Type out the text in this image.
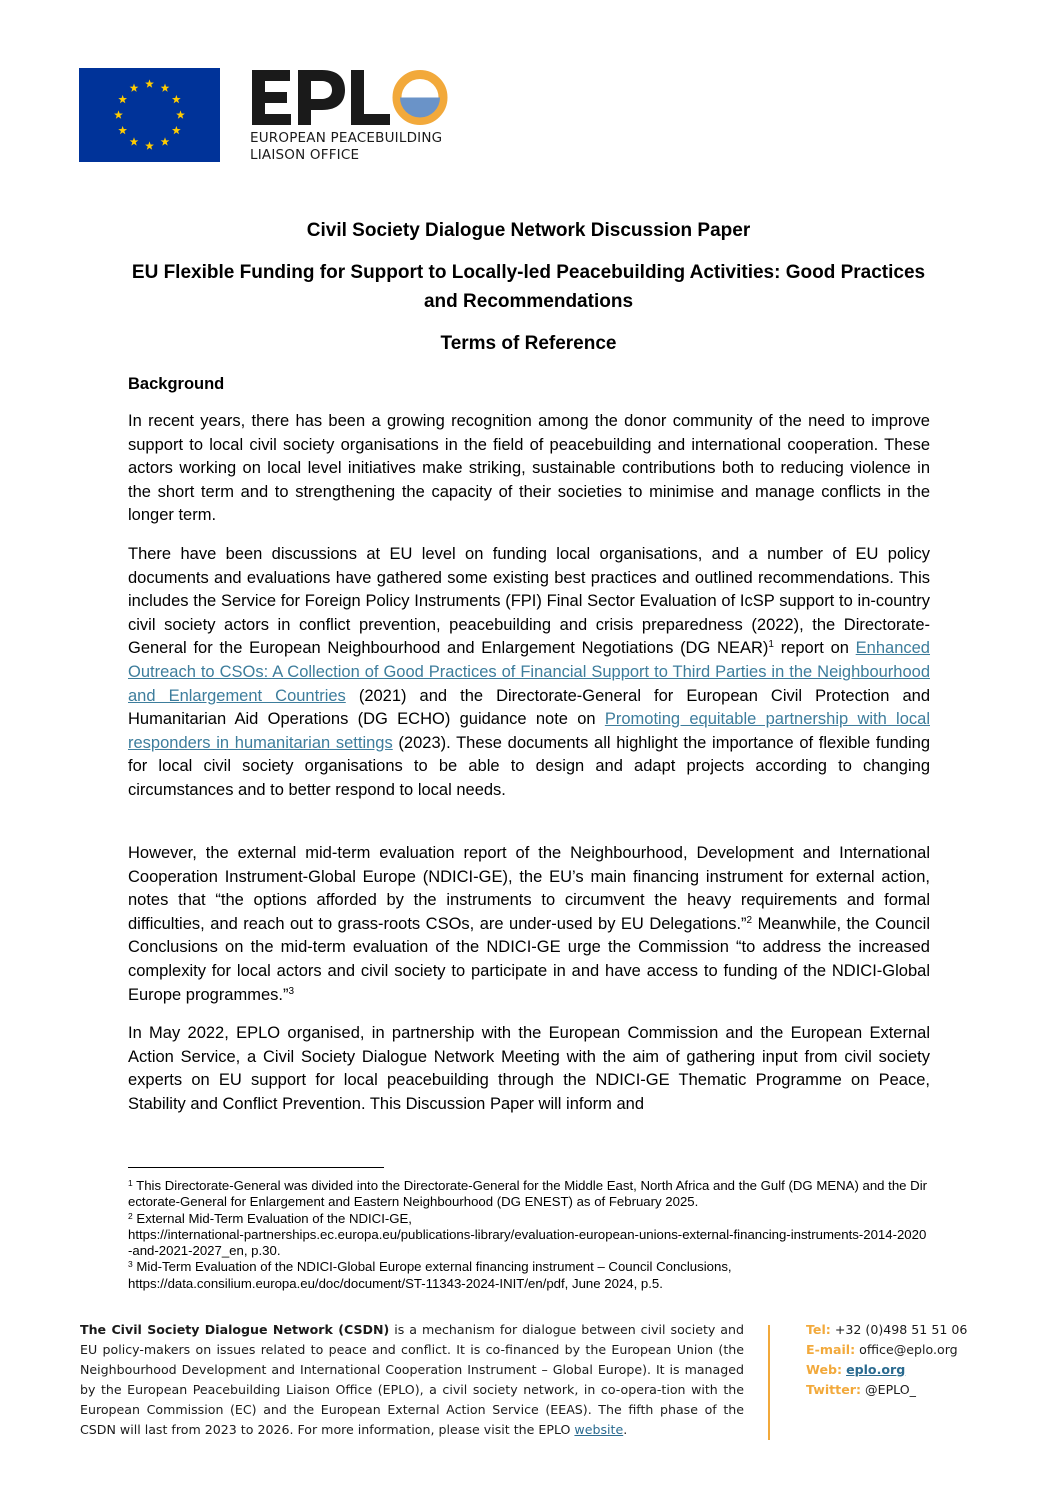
EUROPEAN PEACEBUILDING
LIAISON OFFICE
Civil Society Dialogue Network Discussion Paper
EU Flexible Funding for Support to Locally-led Peacebuilding Activities: Good Practices and Recommendations
Terms of Reference
Background

In recent years, there has been a growing recognition among the donor community of the need to improve support to local civil society organisations in the field of peacebuilding and international cooperation. These actors working on local level initiatives make striking, sustainable contributions both to reducing violence in the short term and to strengthening the capacity of their societies to minimise and manage conflicts in the longer term.

There have been discussions at EU level on funding local organisations, and a number of EU policy documents and evaluations have gathered some existing best practices and outlined recommendations. This includes the Service for Foreign Policy Instruments (FPI) Final Sector Evaluation of IcSP support to in-country civil society actors in conflict prevention, peacebuilding and crisis preparedness (2022), the Directorate-General for the European Neighbourhood and Enlargement Negotiations (DG NEAR)$^1$ report on Enhanced Outreach to CSOs: A Collection of Good Practices of Financial Support to Third Parties in the Neighbourhood and Enlargement Countries (2021) and the Directorate-General for European Civil Protection and Humanitarian Aid Operations (DG ECHO) guidance note on Promoting equitable partnership with local responders in humanitarian settings (2023). These documents all highlight the importance of flexible funding for local civil society organisations to be able to design and adapt projects according to changing circumstances and to better respond to local needs.

However, the external mid-term evaluation report of the Neighbourhood, Development and International Cooperation Instrument-Global Europe (NDICI-GE), the EU’s main financing instrument for external action, notes that “the options afforded by the instruments to circumvent the heavy requirements and formal difficulties, and reach out to grass-roots CSOs, are under-used by EU Delegations.”$^2$ Meanwhile, the Council Conclusions on the mid-term evaluation of the NDICI-GE urge the Commission “to address the increased complexity for local actors and civil society to participate in and have access to funding of the NDICI-Global Europe programmes.”$^3$

In May 2022, EPLO organised, in partnership with the European Commission and the European External Action Service, a Civil Society Dialogue Network Meeting with the aim of gathering input from civil society experts on EU support for local peacebuilding through the NDICI-GE Thematic Programme on Peace, Stability and Conflict Prevention. This Discussion Paper will inform and

$^1$ This Directorate-General was divided into the Directorate-General for the Middle East, North Africa and the Gulf (DG MENA) and the Directorate-General for Enlargement and Eastern Neighbourhood (DG ENEST) as of February 2025.

$^2$ External Mid-Term Evaluation of the NDICI-GE,
https://international-partnerships.ec.europa.eu/publications-library/evaluation-european-unions-external-financing-instruments-2014-2020-and-2021-2027_en, p.30.

$^3$ Mid-Term Evaluation of the NDICI-Global Europe external financing instrument – Council Conclusions,
https://data.consilium.europa.eu/doc/document/ST-11343-2024-INIT/en/pdf, June 2024, p.5.

The Civil Society Dialogue Network (CSDN) is a mechanism for dialogue between civil society and EU policy-makers on issues related to peace and conflict. It is co-financed by the European Union (the Neighbourhood Development and International Cooperation Instrument – Global Europe). It is managed by the European Peacebuilding Liaison Office (EPLO), a civil society network, in co-opera-tion with the European Commission (EC) and the European External Action Service (EEAS). The fifth phase of the CSDN will last from 2023 to 2026. For more information, please visit the EPLO website.

Tel: +32 (0)498 51 51 06
E-mail: office@eplo.org
Web: eplo.org
Twitter: @EPLO_
